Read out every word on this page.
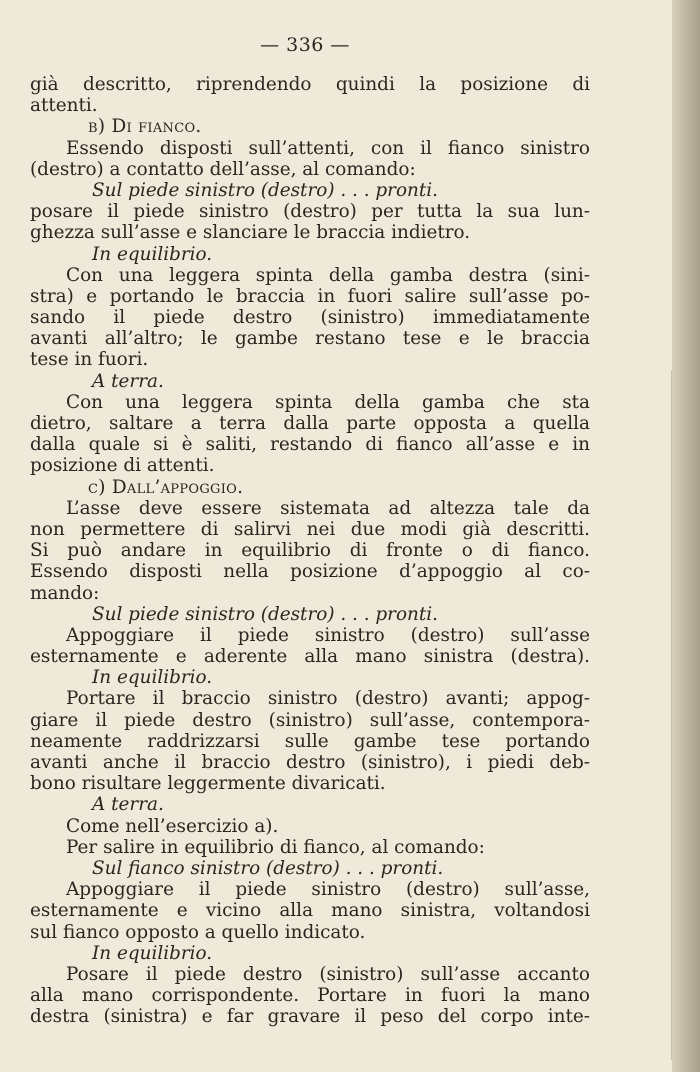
— 336 —
già descritto, riprendendo quindi la posizione di
attenti.
b) Di fianco.
Essendo disposti sull’attenti, con il fianco sinistro
(destro) a contatto dell’asse, al comando:
Sul piede sinistro (destro) . . . pronti.
posare il piede sinistro (destro) per tutta la sua lun-
ghezza sull’asse e slanciare le braccia indietro.
In equilibrio.
Con una leggera spinta della gamba destra (sini-
stra) e portando le braccia in fuori salire sull’asse po-
sando il piede destro (sinistro) immediatamente
avanti all’altro; le gambe restano tese e le braccia
tese in fuori.
A terra.
Con una leggera spinta della gamba che sta
dietro, saltare a terra dalla parte opposta a quella
dalla quale si è saliti, restando di fianco all’asse e in
posizione di attenti.
c) Dall’appoggio.
L’asse deve essere sistemata ad altezza tale da
non permettere di salirvi nei due modi già descritti.
Si può andare in equilibrio di fronte o di fianco.
Essendo disposti nella posizione d’appoggio al co-
mando:
Sul piede sinistro (destro) . . . pronti.
Appoggiare il piede sinistro (destro) sull’asse
esternamente e aderente alla mano sinistra (destra).
In equilibrio.
Portare il braccio sinistro (destro) avanti; appog-
giare il piede destro (sinistro) sull’asse, contempora-
neamente raddrizzarsi sulle gambe tese portando
avanti anche il braccio destro (sinistro), i piedi deb-
bono risultare leggermente divaricati.
A terra.
Come nell’esercizio a).
Per salire in equilibrio di fianco, al comando:
Sul fianco sinistro (destro) . . . pronti.
Appoggiare il piede sinistro (destro) sull’asse,
esternamente e vicino alla mano sinistra, voltandosi
sul fianco opposto a quello indicato.
In equilibrio.
Posare il piede destro (sinistro) sull’asse accanto
alla mano corrispondente. Portare in fuori la mano
destra (sinistra) e far gravare il peso del corpo inte-
